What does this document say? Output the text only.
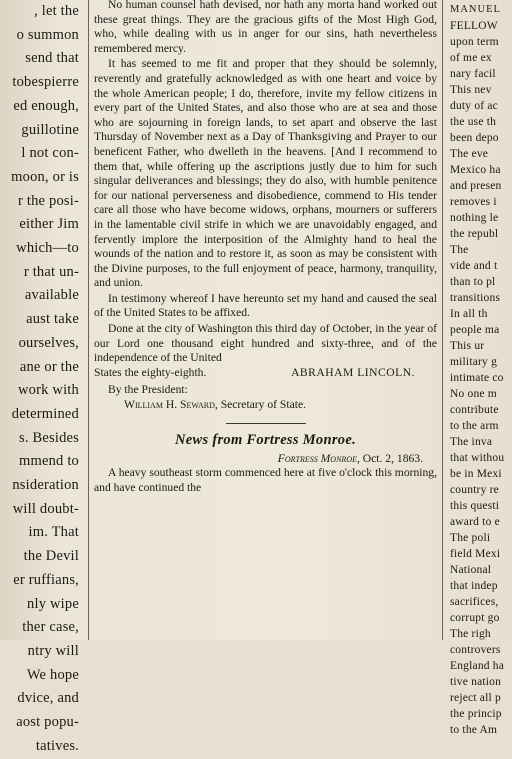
, let the

o summon

send that

tobespierre

ed enough,

guillotine

l not con-

moon, or is

r the posi-

either Jim

which—to

r that un-

available

aust take

ourselves,

ane or the

work with

determined

s. Besides

mmend to

nsideration

will doubt-

im. That

the Devil

er ruffians,

nly wipe

ther case,

ntry will

We hope

dvice, and

aost popu-

tatives.

No human counsel hath devised, nor hath any morta hand worked out these great things. They are the gracious gifts of the Most High God, who, while dealing with us in anger for our sins, hath nevertheless remembered mercy.

It has seemed to me fit and proper that they should be solemnly, reverently and gratefully acknowledged as with one heart and voice by the whole American people; I do, therefore, invite my fellow citizens in every part of the United States, and also those who are at sea and those who are sojourning in foreign lands, to set apart and observe the last Thursday of November next as a Day of Thanksgiving and Prayer to our beneficent Father, who dwelleth in the heavens. [And I recommend to them that, while offering up the ascriptions justly due to him for such singular deliverances and blessings; they do also, with humble penitence for our national perverseness and disobedience, commend to His tender care all those who have become widows, orphans, mourners or sufferers in the lamentable civil strife in which we are unavoidably engaged, and fervently implore the interposition of the Almighty hand to heal the wounds of the nation and to restore it, as soon as may be consistent with the Divine purposes, to the full enjoyment of peace, harmony, tranquility, and union.

In testimony whereof I have hereunto set my hand and caused the seal of the United States to be affixed.

Done at the city of Washington this third day of October, in the year of our Lord one thousand eight hundred and sixty-three, and of the independence of the United

States the eighty-eighth.	ABRAHAM LINCOLN.

By the President:

William H. Seward, Secretary of State.

News from Fortress Monroe.

Fortress Monroe, Oct. 2, 1863.

A heavy southeast storm commenced here at five o'clock this morning, and have continued the

MANUEL

FELLOW

upon term

of me ex

nary facil

This nev

duty of ac

the use th

been depo

The eve

Mexico ha

and presen

removes i

nothing le

the republ

The

vide and t

than to pl

transitions

In all th

people ma

This ur

military g

intimate co

No one m

contribute

to the arm

The inva

that withou

be in Mexi

country re

this questi

award to e

The poli

field Mexi

National

that indep

sacrifices,

corrupt go

The righ

controvers

England ha

tive nation

reject all p

the princip

to the Am
